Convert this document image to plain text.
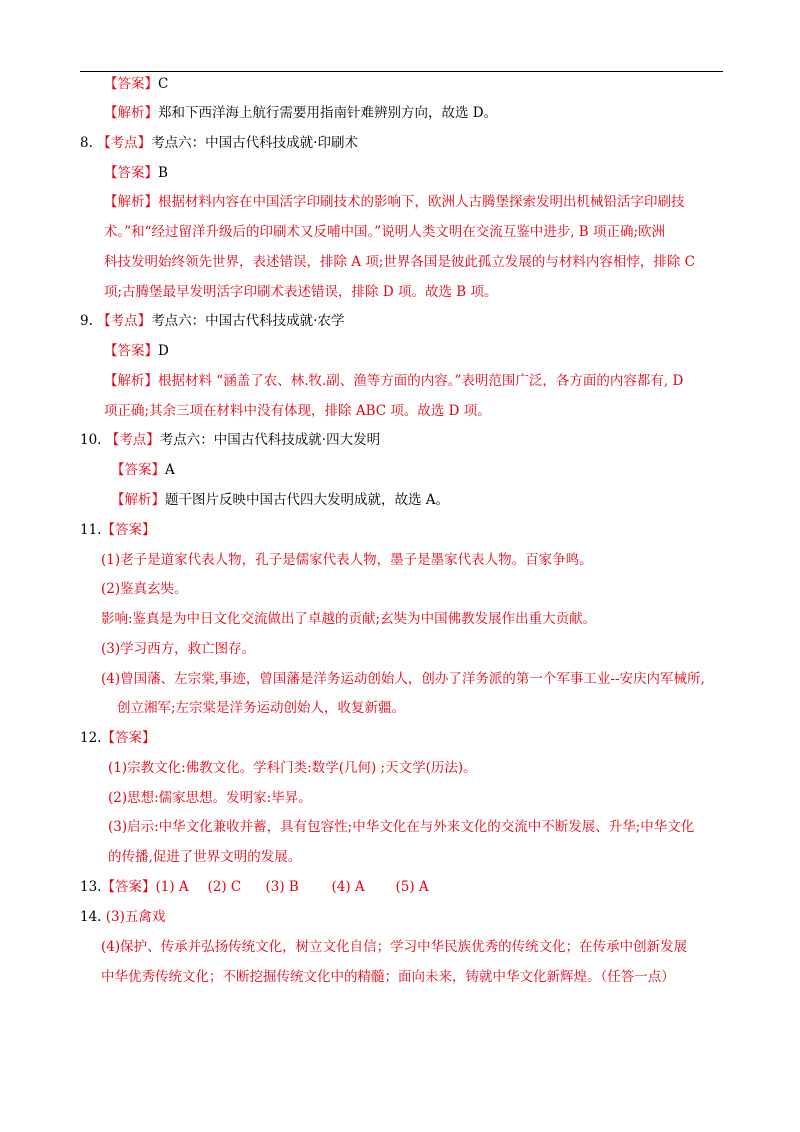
【答案】C
【解析】郑和下西洋海上航行需要用指南针难辨别方向，故选 D。
8. 【考点】考点六：中国古代科技成就·印刷术
【答案】B
【解析】根据材料内容在中国活字印刷技术的影响下，欧洲人古腾堡探索发明出机械铅活字印刷技
术。”和“经过留洋升级后的印刷术又反哺中国。”说明人类文明在交流互鉴中进步, B 项正确;欧洲
科技发明始终领先世界，表述错误，排除 A 项;世界各国是彼此孤立发展的与材料内容相悖，排除 C
项;古腾堡最早发明活字印刷术表述错误，排除 D 项。故选 B 项。
9. 【考点】考点六：中国古代科技成就·农学
【答案】D
【解析】根据材料 “涵盖了农、林.牧.副、渔等方面的内容。”表明范围广泛，各方面的内容都有, D
项正确;其余三项在材料中没有体现，排除 ABC 项。故选 D 项。
10. 【考点】考点六：中国古代科技成就·四大发明
【答案】A
【解析】题干图片反映中国古代四大发明成就，故选 A。
11.【答案】
(1)老子是道家代表人物，孔子是儒家代表人物，墨子是墨家代表人物。百家争鸣。
(2)鉴真玄奘。
影响:鉴真是为中日文化交流做出了卓越的贡献;玄奘为中国佛教发展作出重大贡献。
(3)学习西方，救亡图存。
(4)曾国藩、左宗棠,事迹，曾国藩是洋务运动创始人，创办了洋务派的第一个军事工业--安庆内军械所,
创立湘军;左宗棠是洋务运动创始人，收复新疆。
12.【答案】
(1)宗教文化:佛教文化。学科门类:数学(几何) ;天文学(历法)。
(2)思想:儒家思想。发明家:毕昇。
(3)启示:中华文化兼收并蓄，具有包容性;中华文化在与外来文化的交流中不断发展、升华;中华文化
的传播,促进了世界文明的发展。
13.【答案】(1) A (2) C (3) B (4) A (5) A
14. (3)五禽戏
(4)保护、传承并弘扬传统文化，树立文化自信；学习中华民族优秀的传统文化；在传承中创新发展
中华优秀传统文化；不断挖掘传统文化中的精髓；面向未来，铸就中华文化新辉煌。（任答一点）
